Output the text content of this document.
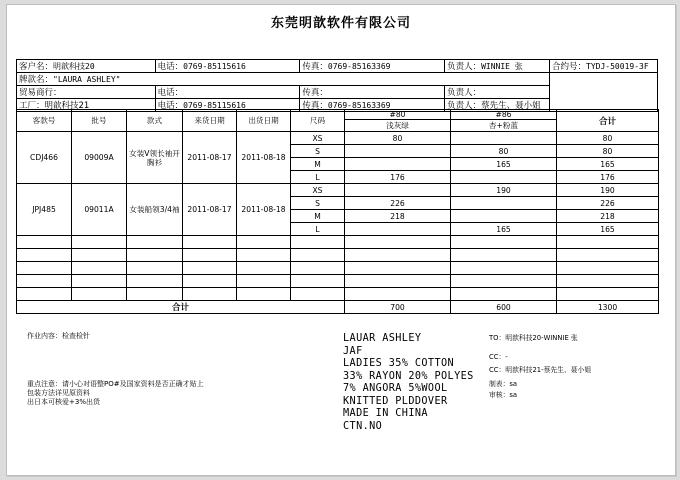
东莞明歆软件有限公司
客户名：明歆科技20	电话：0769-85115616	传真：0769-85163369	负责人：WINNIE 张	合约号：TYDJ-50019-3F
牌款名："LAURA ASHLEY"				
贸易商行：	电话：	传真：	负责人：	
工厂：明歆科技21	电话：0769-85115616	传真：0769-85163369	负责人：蔡先生、聂小姐	
客款号	批号	款式	来货日期	出货日期	尺码	#80	#86	合计
						浅灰绿	杏+粉蓝	
CDJ466	09009A	女装V领长袖开胸衫	2011-08-17	2011-08-18	XS	80		80
					S		80	80
					M		165	165
					L	176		176
JPJ485	09011A	女装船领3/4袖	2011-08-17	2011-08-18	XS		190	190
					S	226		226
					M	218		218
					L		165	165

合计						700	600	1300
作业内容：检查检针
重点注意：请小心对语整PO#及国家资料是否正确才贴上
包装方法详见原资料
出日本可核爱+3%出货
LAUAR ASHLEY
JAF
LADIES 35% COTTON
33% RAYON 20% POLYES
7% ANGORA 5%WOOL
KNITTED PLDDOVER
MADE IN CHINA
CTN.NO
TO：明歆科技20-WINNIE 张
CC：-
CC：明歆科技21-蔡先生、聂小姐
制表：sa
审核：sa
